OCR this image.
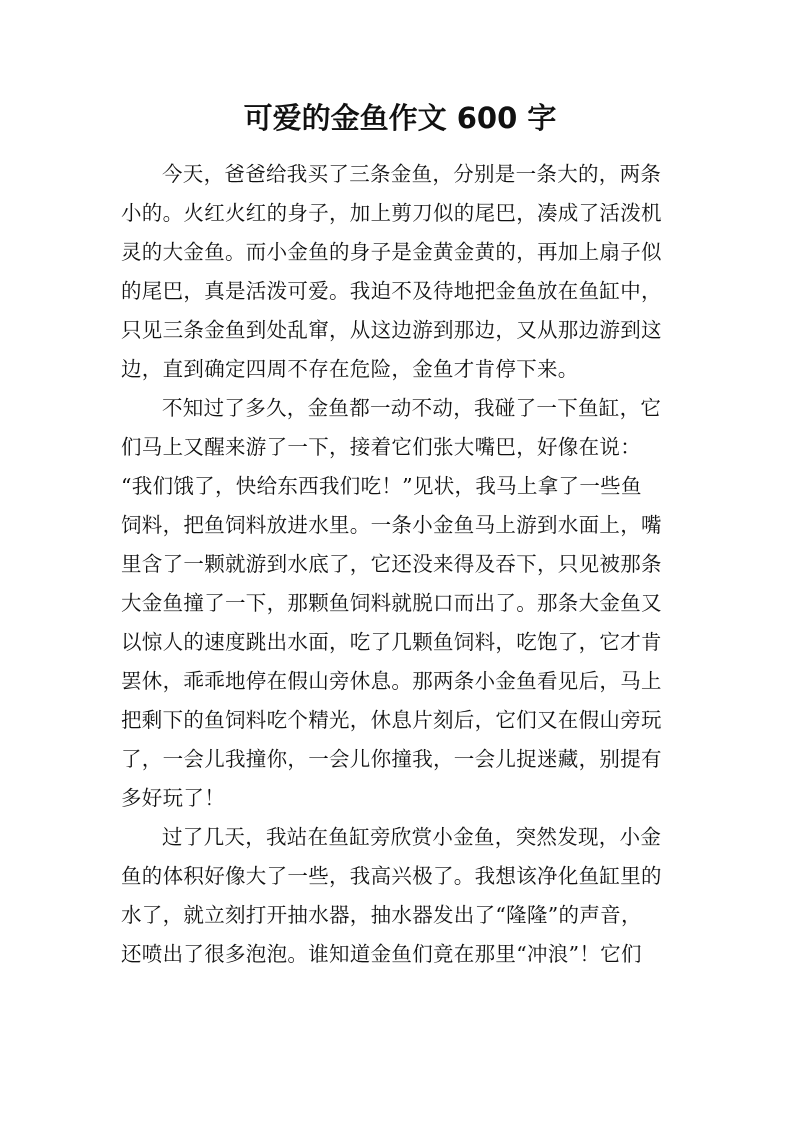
可爱的金鱼作文 600 字
今天，爸爸给我买了三条金鱼，分别是一条大的，两条
小的。火红火红的身子，加上剪刀似的尾巴，凑成了活泼机
灵的大金鱼。而小金鱼的身子是金黄金黄的，再加上扇子似
的尾巴，真是活泼可爱。我迫不及待地把金鱼放在鱼缸中，
只见三条金鱼到处乱窜，从这边游到那边，又从那边游到这
边，直到确定四周不存在危险，金鱼才肯停下来。
不知过了多久，金鱼都一动不动，我碰了一下鱼缸，它
们马上又醒来游了一下，接着它们张大嘴巴，好像在说：
“我们饿了，快给东西我们吃！”见状，我马上拿了一些鱼
饲料，把鱼饲料放进水里。一条小金鱼马上游到水面上，嘴
里含了一颗就游到水底了，它还没来得及吞下，只见被那条
大金鱼撞了一下，那颗鱼饲料就脱口而出了。那条大金鱼又
以惊人的速度跳出水面，吃了几颗鱼饲料，吃饱了，它才肯
罢休，乖乖地停在假山旁休息。那两条小金鱼看见后，马上
把剩下的鱼饲料吃个精光，休息片刻后，它们又在假山旁玩
了，一会儿我撞你，一会儿你撞我，一会儿捉迷藏，别提有
多好玩了！
过了几天，我站在鱼缸旁欣赏小金鱼，突然发现，小金
鱼的体积好像大了一些，我高兴极了。我想该净化鱼缸里的
水了，就立刻打开抽水器，抽水器发出了“隆隆”的声音，
还喷出了很多泡泡。谁知道金鱼们竟在那里“冲浪”！它们
